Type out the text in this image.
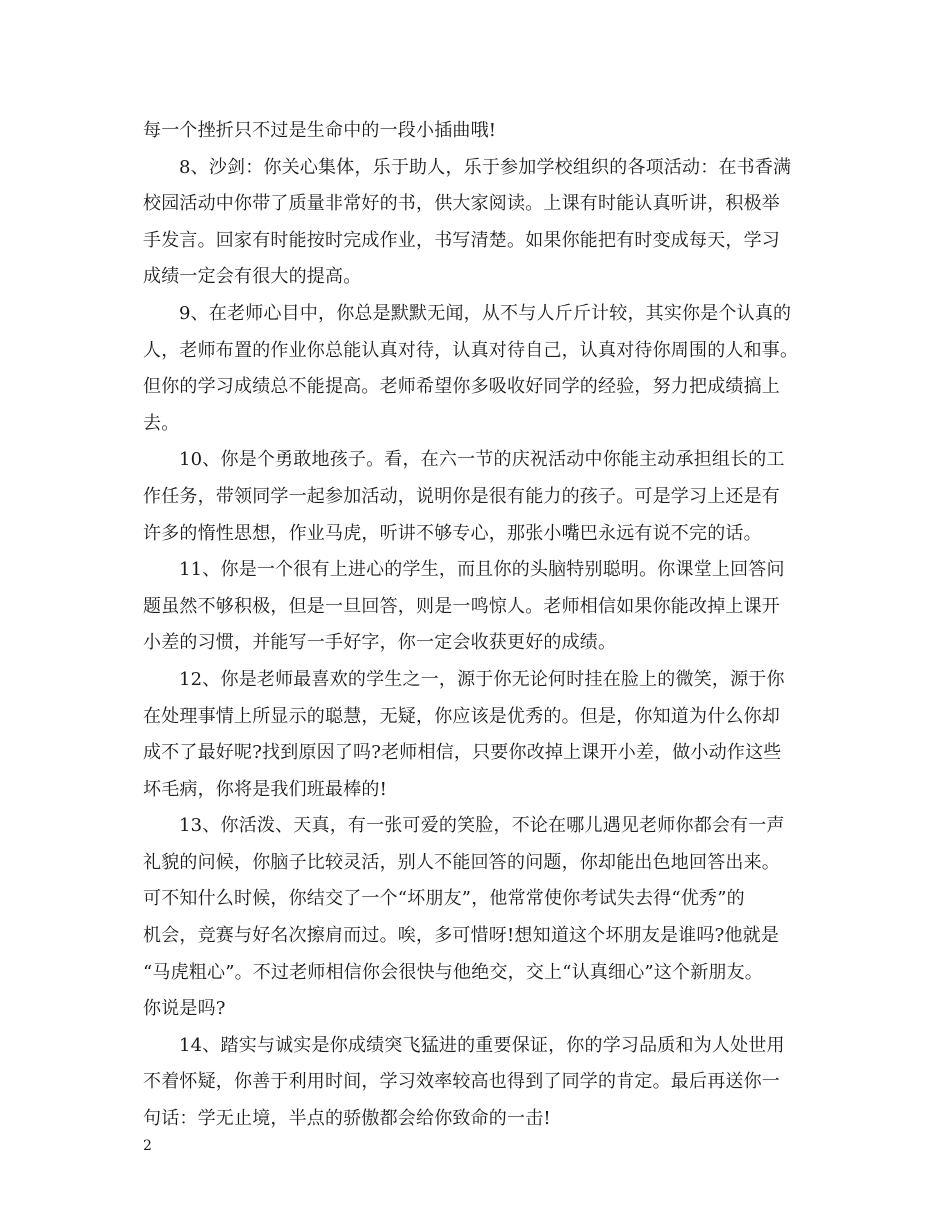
每一个挫折只不过是生命中的一段小插曲哦!
8、沙剑：你关心集体，乐于助人，乐于参加学校组织的各项活动：在书香满
校园活动中你带了质量非常好的书，供大家阅读。上课有时能认真听讲，积极举
手发言。回家有时能按时完成作业，书写清楚。如果你能把有时变成每天，学习
成绩一定会有很大的提高。
9、在老师心目中，你总是默默无闻，从不与人斤斤计较，其实你是个认真的
人，老师布置的作业你总能认真对待，认真对待自己，认真对待你周围的人和事。
但你的学习成绩总不能提高。老师希望你多吸收好同学的经验，努力把成绩搞上
去。
10、你是个勇敢地孩子。看，在六一节的庆祝活动中你能主动承担组长的工
作任务，带领同学一起参加活动，说明你是很有能力的孩子。可是学习上还是有
许多的惰性思想，作业马虎，听讲不够专心，那张小嘴巴永远有说不完的话。
11、你是一个很有上进心的学生，而且你的头脑特别聪明。你课堂上回答问
题虽然不够积极，但是一旦回答，则是一鸣惊人。老师相信如果你能改掉上课开
小差的习惯，并能写一手好字，你一定会收获更好的成绩。
12、你是老师最喜欢的学生之一，源于你无论何时挂在脸上的微笑，源于你
在处理事情上所显示的聪慧，无疑，你应该是优秀的。但是，你知道为什么你却
成不了最好呢?找到原因了吗?老师相信，只要你改掉上课开小差，做小动作这些
坏毛病，你将是我们班最棒的!
13、你活泼、天真，有一张可爱的笑脸，不论在哪儿遇见老师你都会有一声
礼貌的问候，你脑子比较灵活，别人不能回答的问题，你却能出色地回答出来。
可不知什么时候，你结交了一个“坏朋友”，他常常使你考试失去得“优秀”的
机会，竞赛与好名次擦肩而过。唉，多可惜呀!想知道这个坏朋友是谁吗?他就是
“马虎粗心”。不过老师相信你会很快与他绝交，交上“认真细心”这个新朋友。
你说是吗?
14、踏实与诚实是你成绩突飞猛进的重要保证，你的学习品质和为人处世用
不着怀疑，你善于利用时间，学习效率较高也得到了同学的肯定。最后再送你一
句话：学无止境，半点的骄傲都会给你致命的一击!
2
